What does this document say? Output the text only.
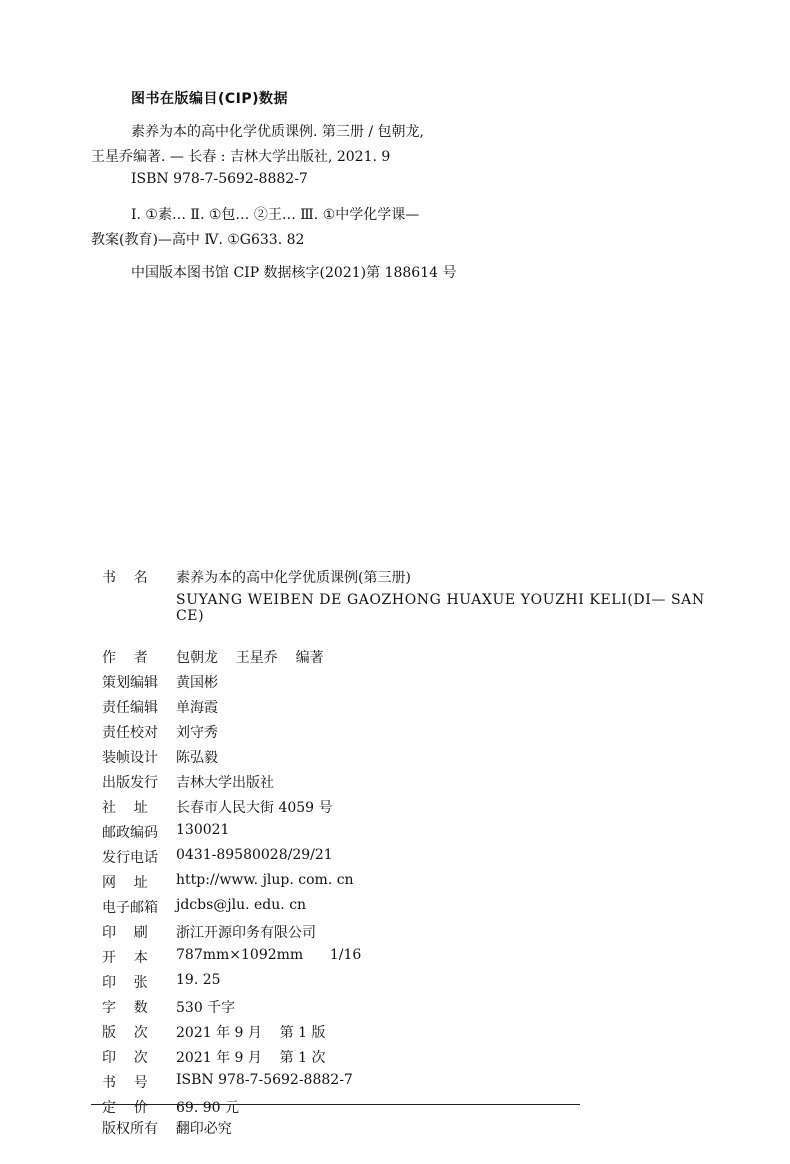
图书在版编目(CIP)数据
素养为本的高中化学优质课例. 第三册 / 包朝龙,
王星乔编著. — 长春 : 吉林大学出版社, 2021. 9
ISBN 978-7-5692-8882-7
Ⅰ. ①素… Ⅱ. ①包… ②王… Ⅲ. ①中学化学课—
教案(教育)—高中 Ⅳ. ①G633. 82
中国版本图书馆 CIP 数据核字(2021)第 188614 号
书    名	素养为本的高中化学优质课例(第三册)
SUYANG WEIBEN DE GAOZHONG HUAXUE YOUZHI KELI(DI— SAN CE)
作    者	包朝龙    王星乔    编著
策划编辑	黄国彬
责任编辑	单海霞
责任校对	刘守秀
装帧设计	陈弘毅
出版发行	吉林大学出版社
社    址	长春市人民大街 4059 号
邮政编码	130021
发行电话	0431-89580028/29/21
网    址	http://www. jlup. com. cn
电子邮箱	jdcbs@jlu. edu. cn
印    刷	浙江开源印务有限公司
开    本	787mm×1092mm      1/16
印    张	19. 25
字    数	530 千字
版    次	2021 年 9 月    第 1 版
印    次	2021 年 9 月    第 1 次
书    号	ISBN 978-7-5692-8882-7
定    价	69. 90 元
版权所有    翻印必究
